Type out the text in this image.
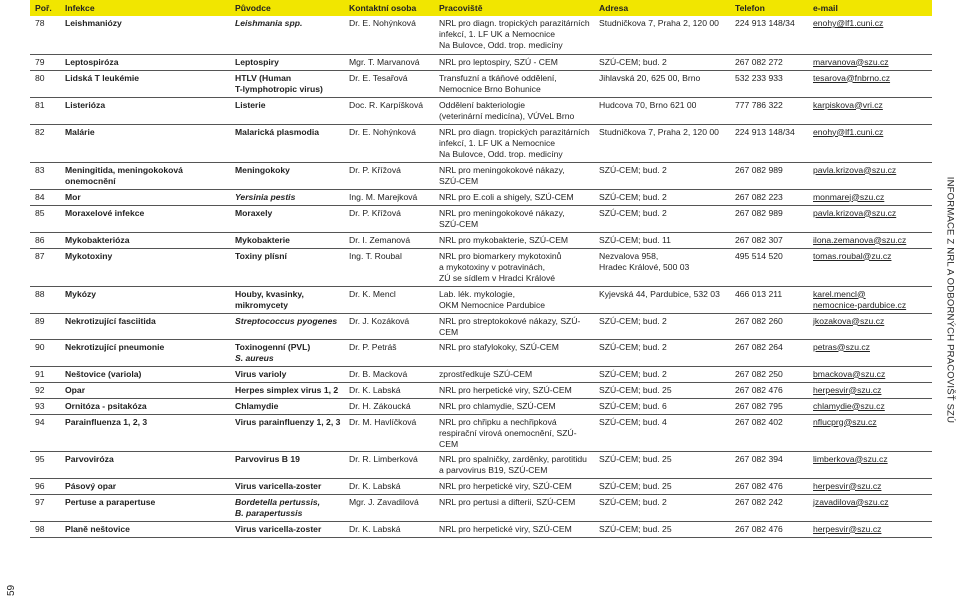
Poř.	Infekce	Původce	Kontaktní osoba	Pracoviště	Adresa	Telefon	e-mail
78	Leishmaniózy	Leishmania spp.	Dr. E. Nohýnková	NRL pro diagn. tropických parazitárních
infekcí, 1. LF UK a Nemocnice
Na Bulovce, Odd. trop. medicíny	Studničkova 7, Praha 2, 120 00	224 913 148/34	enohy@lf1.cuni.cz
79	Leptospiróza	Leptospiry	Mgr. T. Marvanová	NRL pro leptospiry, SZÚ - CEM	SZÚ-CEM; bud. 2	267 082 272	marvanova@szu.cz
80	Lidská T leukémie	HTLV (Human
T-lymphotropic virus)	Dr. E. Tesařová	Transfuzní a tkáňové oddělení,
Nemocnice Brno Bohunice	Jihlavská 20, 625 00, Brno	532 233 933	tesarova@fnbrno.cz
81	Listerióza	Listerie	Doc. R. Karpíšková	Oddělení bakteriologie
(veterinární medicína), VÚVeL Brno	Hudcova 70, Brno 621 00	777 786 322	karpiskova@vri.cz
82	Malárie	Malarická plasmodia	Dr. E. Nohýnková	NRL pro diagn. tropických parazitárních
infekcí, 1. LF UK a Nemocnice
Na Bulovce, Odd. trop. medicíny	Studničkova 7, Praha 2, 120 00	224 913 148/34	enohy@lf1.cuni.cz
83	Meningitida, meningokoková onemocnění	Meningokoky	Dr. P. Křížová	NRL pro meningokokové nákazy,
SZÚ-CEM	SZÚ-CEM; bud. 2	267 082 989	pavla.krizova@szu.cz
84	Mor	Yersinia pestis	Ing. M. Marejková	NRL pro E.coli a shigely, SZÚ-CEM	SZÚ-CEM; bud. 2	267 082 223	monmarej@szu.cz
85	Moraxelové infekce	Moraxely	Dr. P. Křížová	NRL pro meningokokové nákazy,
SZÚ-CEM	SZÚ-CEM; bud. 2	267 082 989	pavla.krizova@szu.cz
86	Mykobakterióza	Mykobakterie	Dr. I. Zemanová	NRL pro mykobakterie, SZÚ-CEM	SZÚ-CEM; bud. 11	267 082 307	ilona.zemanova@szu.cz
87	Mykotoxiny	Toxiny plísní	Ing. T. Roubal	NRL pro biomarkery mykotoxinů
a mykotoxiny v potravinách,
ZÚ se sídlem v Hradci Králové	Nezvalova 958,
Hradec Králové, 500 03	495 514 520	tomas.roubal@zu.cz
88	Mykózy	Houby, kvasinky,
mikromycety	Dr. K. Mencl	Lab. lék. mykologie,
OKM Nemocnice Pardubice	Kyjevská 44, Pardubice, 532 03	466 013 211	karel.mencl@
nemocnice-pardubice.cz
89	Nekrotizující fasciitida	Streptococcus pyogenes	Dr. J. Kozáková	NRL pro streptokokové nákazy, SZÚ-CEM	SZÚ-CEM; bud. 2	267 082 260	jkozakova@szu.cz
90	Nekrotizující pneumonie	Toxinogenní (PVL)
S. aureus	Dr. P. Petráš	NRL pro stafylokoky, SZÚ-CEM	SZÚ-CEM; bud. 2	267 082 264	petras@szu.cz
91	Neštovice (variola)	Virus varioly	Dr. B. Macková	zprostředkuje SZÚ-CEM	SZÚ-CEM; bud. 2	267 082 250	bmackova@szu.cz
92	Opar	Herpes simplex virus 1, 2	Dr. K. Labská	NRL pro herpetické viry, SZÚ-CEM	SZÚ-CEM; bud. 25	267 082 476	herpesvir@szu.cz
93	Ornitóza - psitakóza	Chlamydie	Dr. H. Zákoucká	NRL pro chlamydie, SZÚ-CEM	SZÚ-CEM; bud. 6	267 082 795	chlamydie@szu.cz
94	Parainfluenza 1, 2, 3	Virus parainfluenzy 1, 2, 3	Dr. M. Havlíčková	NRL pro chřipku a nechřipková
respirační virová onemocnění, SZÚ-CEM	SZÚ-CEM; bud. 4	267 082 402	nflucprg@szu.cz
95	Parvoviróza	Parvovirus B 19	Dr. R. Limberková	NRL pro spalničky, zarděnky, parotitidu
a parvovirus B19, SZÚ-CEM	SZÚ-CEM; bud. 25	267 082 394	limberkova@szu.cz
96	Pásový opar	Virus varicella-zoster	Dr. K. Labská	NRL pro herpetické viry, SZÚ-CEM	SZÚ-CEM; bud. 25	267 082 476	herpesvir@szu.cz
97	Pertuse a parapertuse	Bordetella pertussis,
B. parapertussis	Mgr. J. Zavadilová	NRL pro pertusi a difterii, SZÚ-CEM	SZÚ-CEM; bud. 2	267 082 242	jzavadilova@szu.cz
98	Planě neštovice	Virus varicella-zoster	Dr. K. Labská	NRL pro herpetické viry, SZÚ-CEM	SZÚ-CEM; bud. 25	267 082 476	herpesvir@szu.cz
INFORMACE Z NRL A ODBORNÝCH PRACOVIŠŤ SZÚ
59
